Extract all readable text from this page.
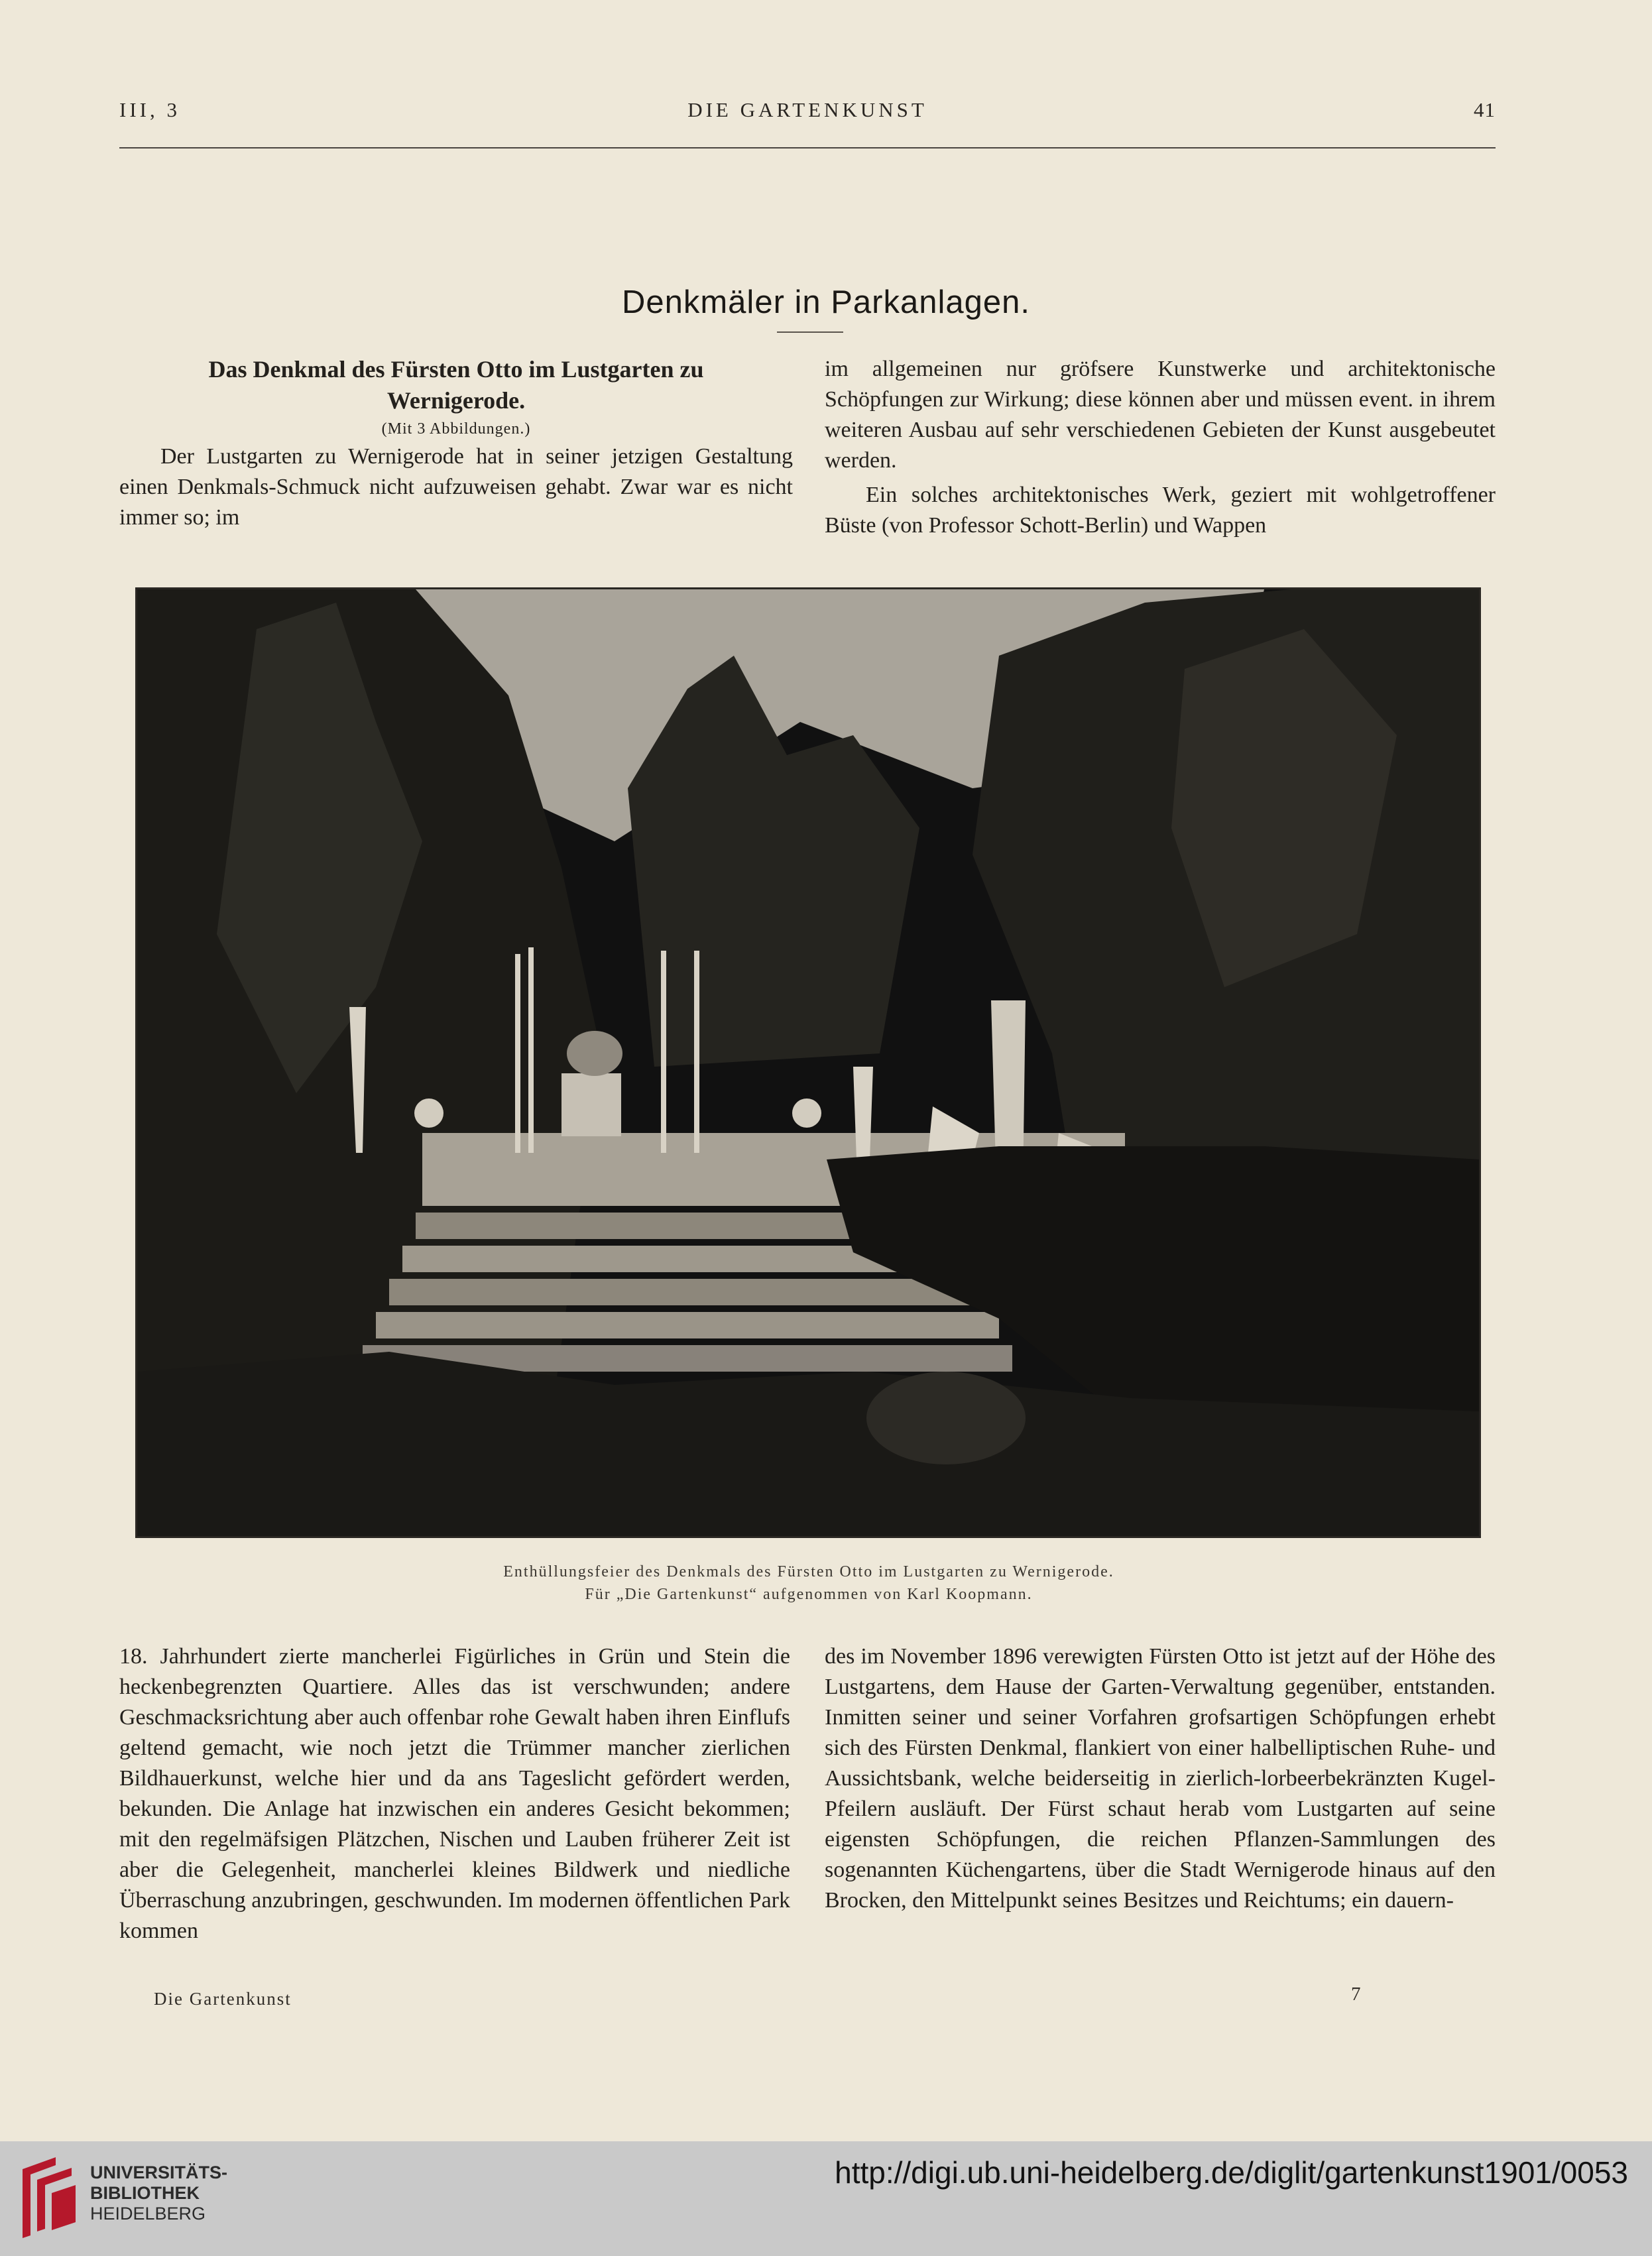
III, 3	DIE GARTENKUNST	41
Denkmäler in Parkanlagen.

Das Denkmal des Fürsten Otto im Lustgarten zu

Wernigerode.

(Mit 3 Abbildungen.)

Der Lustgarten zu Wernigerode hat in seiner jetzigen Gestaltung einen Denkmals-Schmuck nicht aufzuweisen gehabt. Zwar war es nicht immer so; im

im allgemeinen nur gröfsere Kunstwerke und architektonische Schöpfungen zur Wirkung; diese können aber und müssen event. in ihrem weiteren Ausbau auf sehr verschiedenen Gebieten der Kunst ausgebeutet werden.

Ein solches architektonisches Werk, geziert mit wohlgetroffener Büste (von Professor Schott-Berlin) und Wappen

Enthüllungsfeier des Denkmals des Fürsten Otto im Lustgarten zu Wernigerode.
Für „Die Gartenkunst“ aufgenommen von Karl Koopmann.

18. Jahrhundert zierte mancherlei Figürliches in Grün und Stein die heckenbegrenzten Quartiere. Alles das ist verschwunden; andere Geschmacksrichtung aber auch offenbar rohe Gewalt haben ihren Einflufs geltend gemacht, wie noch jetzt die Trümmer mancher zierlichen Bildhauerkunst, welche hier und da ans Tageslicht gefördert werden, bekunden. Die Anlage hat inzwischen ein anderes Gesicht bekommen; mit den regelmäfsigen Plätzchen, Nischen und Lauben früherer Zeit ist aber die Gelegenheit, mancherlei kleines Bildwerk und niedliche Überraschung anzubringen, geschwunden. Im modernen öffentlichen Park kommen

des im November 1896 verewigten Fürsten Otto ist jetzt auf der Höhe des Lustgartens, dem Hause der Garten-Verwaltung gegenüber, entstanden. Inmitten seiner und seiner Vorfahren grofsartigen Schöpfungen erhebt sich des Fürsten Denkmal, flankiert von einer halbelliptischen Ruhe- und Aussichtsbank, welche beiderseitig in zierlich-lorbeerbekränzten Kugel-Pfeilern ausläuft. Der Fürst schaut herab vom Lustgarten auf seine eigensten Schöpfungen, die reichen Pflanzen-Sammlungen des sogenannten Küchengartens, über die Stadt Wernigerode hinaus auf den Brocken, den Mittelpunkt seines Besitzes und Reichtums; ein dauern-

Die Gartenkunst	7
UNIVERSITÄTS-
BIBLIOTHEK
HEIDELBERG
http://digi.ub.uni-heidelberg.de/diglit/gartenkunst1901/0053
